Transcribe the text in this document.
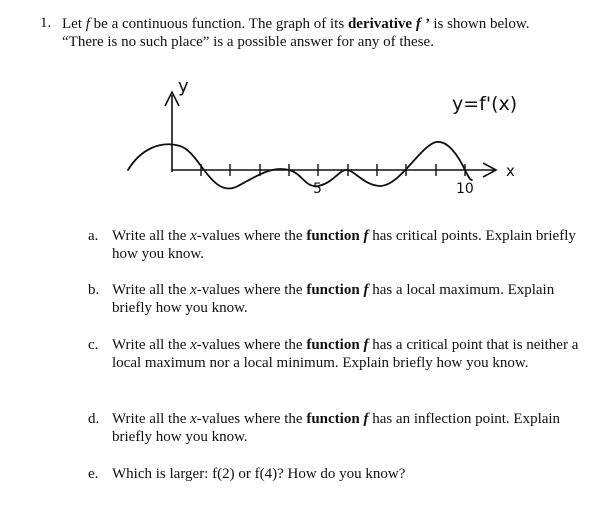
1. Let f be a continuous function. The graph of its derivative f ’ is shown below.
“There is no such place” is a possible answer for any of these.
y
x
y=f'(x)
5	10
a. Write all the x-values where the function f has critical points. Explain briefly how you know.
b. Write all the x-values where the function f has a local maximum. Explain briefly how you know.
c. Write all the x-values where the function f has a critical point that is neither a local maximum nor a local minimum. Explain briefly how you know.
d. Write all the x-values where the function f has an inflection point. Explain briefly how you know.
e. Which is larger: f(2) or f(4)? How do you know?
